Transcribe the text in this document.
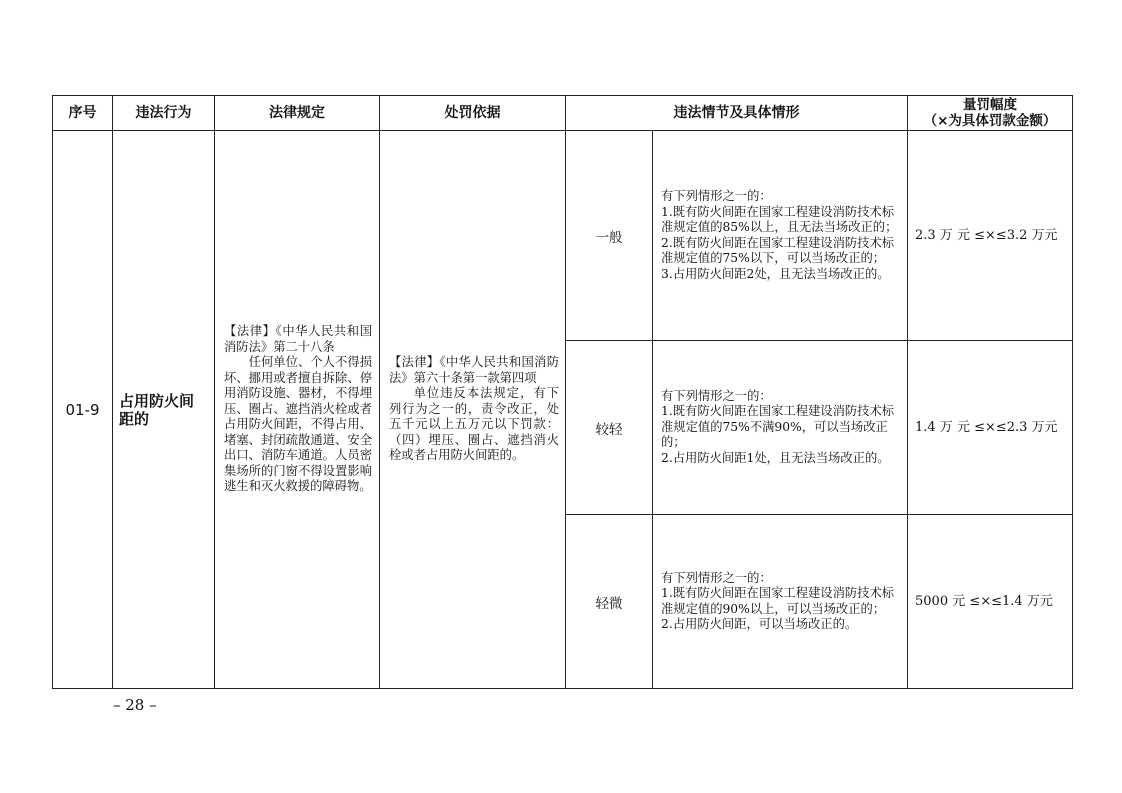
序号	违法行为	法律规定	处罚依据	违法情节及具体情形		量罚幅度
（×为具体罚款金额）

01-9	占用防火间距的	【法律】《中华人民共和国消防法》第二十八条
任何单位、个人不得损坏、挪用或者擅自拆除、停用消防设施、器材，不得埋压、圈占、遮挡消火栓或者占用防火间距，不得占用、堵塞、封闭疏散通道、安全出口、消防车通道。人员密集场所的门窗不得设置影响逃生和灭火救援的障碍物。	【法律】《中华人民共和国消防法》第六十条第一款第四项
单位违反本法规定，有下列行为之一的，责令改正，处五千元以上五万元以下罚款：（四）埋压、圈占、遮挡消火栓或者占用防火间距的。	一般	有下列情形之一的：
1.既有防火间距在国家工程建设消防技术标准规定值的85%以上，且无法当场改正的；
2.既有防火间距在国家工程建设消防技术标准规定值的75%以下，可以当场改正的；
3.占用防火间距2处，且无法当场改正的。	2.3 万 元 ≤×≤3.2 万元
				较轻	有下列情形之一的：
1.既有防火间距在国家工程建设消防技术标准规定值的75%不满90%，可以当场改正的；
2.占用防火间距1处，且无法当场改正的。	1.4 万 元 ≤×≤2.3 万元
				轻微	有下列情形之一的：
1.既有防火间距在国家工程建设消防技术标准规定值的90%以上，可以当场改正的；
2.占用防火间距，可以当场改正的。	5000 元 ≤×≤1.4 万元
– 28 –
